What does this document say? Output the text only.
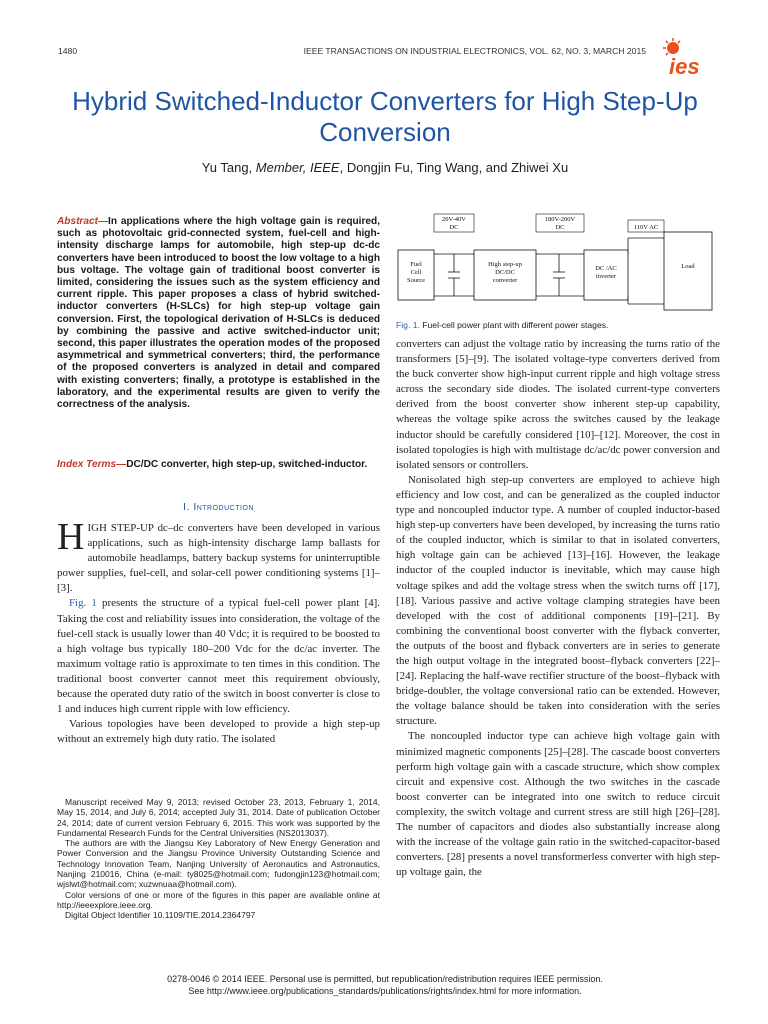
1480	IEEE TRANSACTIONS ON INDUSTRIAL ELECTRONICS, VOL. 62, NO. 3, MARCH 2015
ies
Hybrid Switched-Inductor Converters for High Step-Up Conversion
Yu Tang, Member, IEEE, Dongjin Fu, Ting Wang, and Zhiwei Xu
Abstract—In applications where the high voltage gain is required, such as photovoltaic grid-connected system, fuel-cell and high-intensity discharge lamps for automobile, high step-up dc-dc converters have been introduced to boost the low voltage to a high bus voltage. The voltage gain of traditional boost converter is limited, considering the issues such as the system efficiency and current ripple. This paper proposes a class of hybrid switched-inductor converters (H-SLCs) for high step-up voltage gain conversion. First, the topological derivation of H-SLCs is deduced by combining the passive and active switched-inductor unit; second, this paper illustrates the operation modes of the proposed asymmetrical and symmetrical converters; third, the performance of the proposed converters is analyzed in detail and compared with existing converters; finally, a prototype is established in the laboratory, and the experimental results are given to verify the correctness of the analysis.
Index Terms—DC/DC converter, high step-up, switched-inductor.
I. Introduction

HIGH STEP-UP dc–dc converters have been developed in various applications, such as high-intensity discharge lamp ballasts for automobile headlamps, battery backup systems for uninterruptible power supplies, fuel-cell, and solar-cell power conditioning systems [1]–[3].

Fig. 1 presents the structure of a typical fuel-cell power plant [4]. Taking the cost and reliability issues into consideration, the voltage of the fuel-cell stack is usually lower than 40 Vdc; it is required to be boosted to a high voltage bus typically 180–200 Vdc for the dc/ac inverter. The maximum voltage ratio is approximate to ten times in this condition. The traditional boost converter cannot meet this requirement obviously, because the operated duty ratio of the switch in boost converter is close to 1 and induces high current ripple with low efficiency.

Various topologies have been developed to provide a high step-up without an extremely high duty ratio. The isolated

Manuscript received May 9, 2013; revised October 23, 2013, February 1, 2014, May 15, 2014, and July 6, 2014; accepted July 31, 2014. Date of publication October 24, 2014; date of current version February 6, 2015. This work was supported by the Fundamental Research Funds for the Central Universities (NS2013037).

The authors are with the Jiangsu Key Laboratory of New Energy Generation and Power Conversion and the Jiangsu Province University Outstanding Science and Technology Innovation Team, Nanjing University of Aeronautics and Astronautics, Nanjing 210016, China (e-mail: ty8025@hotmail.com; fudongjin123@hotmail.com; wjslwt@hotmail.com; xuzwnuaa@hotmail.com).

Color versions of one or more of the figures in this paper are available online at http://ieeexplore.ieee.org.

Digital Object Identifier 10.1109/TIE.2014.2364797

Fuel
Cell
Source
High step-up
DC/DC
converter
DC /AC
inverter
Load
20V-40V
DC
180V-200V
DC	110V AC
Fig. 1. Fuel-cell power plant with different power stages.

converters can adjust the voltage ratio by increasing the turns ratio of the transformers [5]–[9]. The isolated voltage-type converters derived from the buck converter show high-input current ripple and high voltage stress across the secondary side diodes. The isolated current-type converters derived from the boost converter show inherent step-up capability, whereas the voltage spike across the switches caused by the leakage inductor should be carefully considered [10]–[12]. Moreover, the cost in isolated topologies is high with multistage dc/ac/dc power conversion and isolated sensors or controllers.

Nonisolated high step-up converters are employed to achieve high efficiency and low cost, and can be generalized as the coupled inductor type and noncoupled inductor type. A number of coupled inductor-based high step-up converters have been developed, by increasing the turns ratio of the coupled inductor, which is similar to that in isolated converters, high voltage gain can be achieved [13]–[16]. However, the leakage inductor of the coupled inductor is inevitable, which may cause high voltage spikes and add the voltage stress when the switch turns off [17], [18]. Various passive and active voltage clamping strategies have been developed with the cost of additional components [19]–[21]. By combining the conventional boost converter with the flyback converter, the outputs of the boost and flyback converters are in series to generate the high output voltage in the integrated boost–flyback converters [22]–[24]. Replacing the half-wave rectifier structure of the boost–flyback with bridge-doubler, the voltage conversional ratio can be extended. However, the voltage balance should be taken into consideration with the series structure.

The noncoupled inductor type can achieve high voltage gain with minimized magnetic components [25]–[28]. The cascade boost converters perform high voltage gain with a cascade structure, which show complex circuit and expensive cost. Although the two switches in the cascade boost converter can be integrated into one switch to reduce circuit complexity, the switch voltage and current stress are still high [26]–[28]. The number of capacitors and diodes also substantially increase along with the increase of the voltage gain ratio in the switched-capacitor-based converters. [28] presents a novel transformerless converter with high step-up voltage gain, the

0278-0046 © 2014 IEEE. Personal use is permitted, but republication/redistribution requires IEEE permission.
See http://www.ieee.org/publications_standards/publications/rights/index.html for more information.
